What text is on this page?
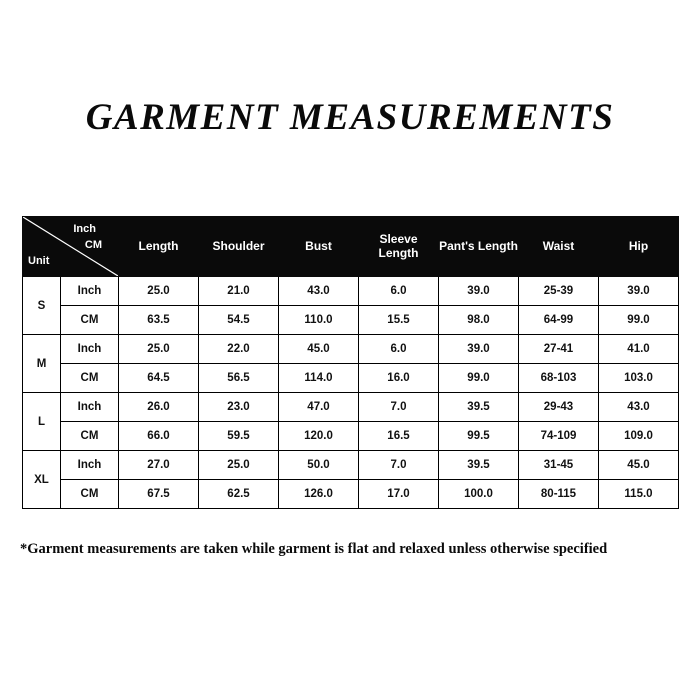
GARMENT MEASUREMENTS
Unit
Inch
CM		Length	Shoulder	Bust	Sleeve Length	Pant's Length	Waist	Hip
S	Inch	25.0	21.0	43.0	6.0	39.0	25-39	39.0
	CM	63.5	54.5	110.0	15.5	98.0	64-99	99.0
M	Inch	25.0	22.0	45.0	6.0	39.0	27-41	41.0
	CM	64.5	56.5	114.0	16.0	99.0	68-103	103.0
L	Inch	26.0	23.0	47.0	7.0	39.5	29-43	43.0
	CM	66.0	59.5	120.0	16.5	99.5	74-109	109.0
XL	Inch	27.0	25.0	50.0	7.0	39.5	31-45	45.0
	CM	67.5	62.5	126.0	17.0	100.0	80-115	115.0
*Garment measurements are taken while garment is flat and relaxed unless otherwise specified
